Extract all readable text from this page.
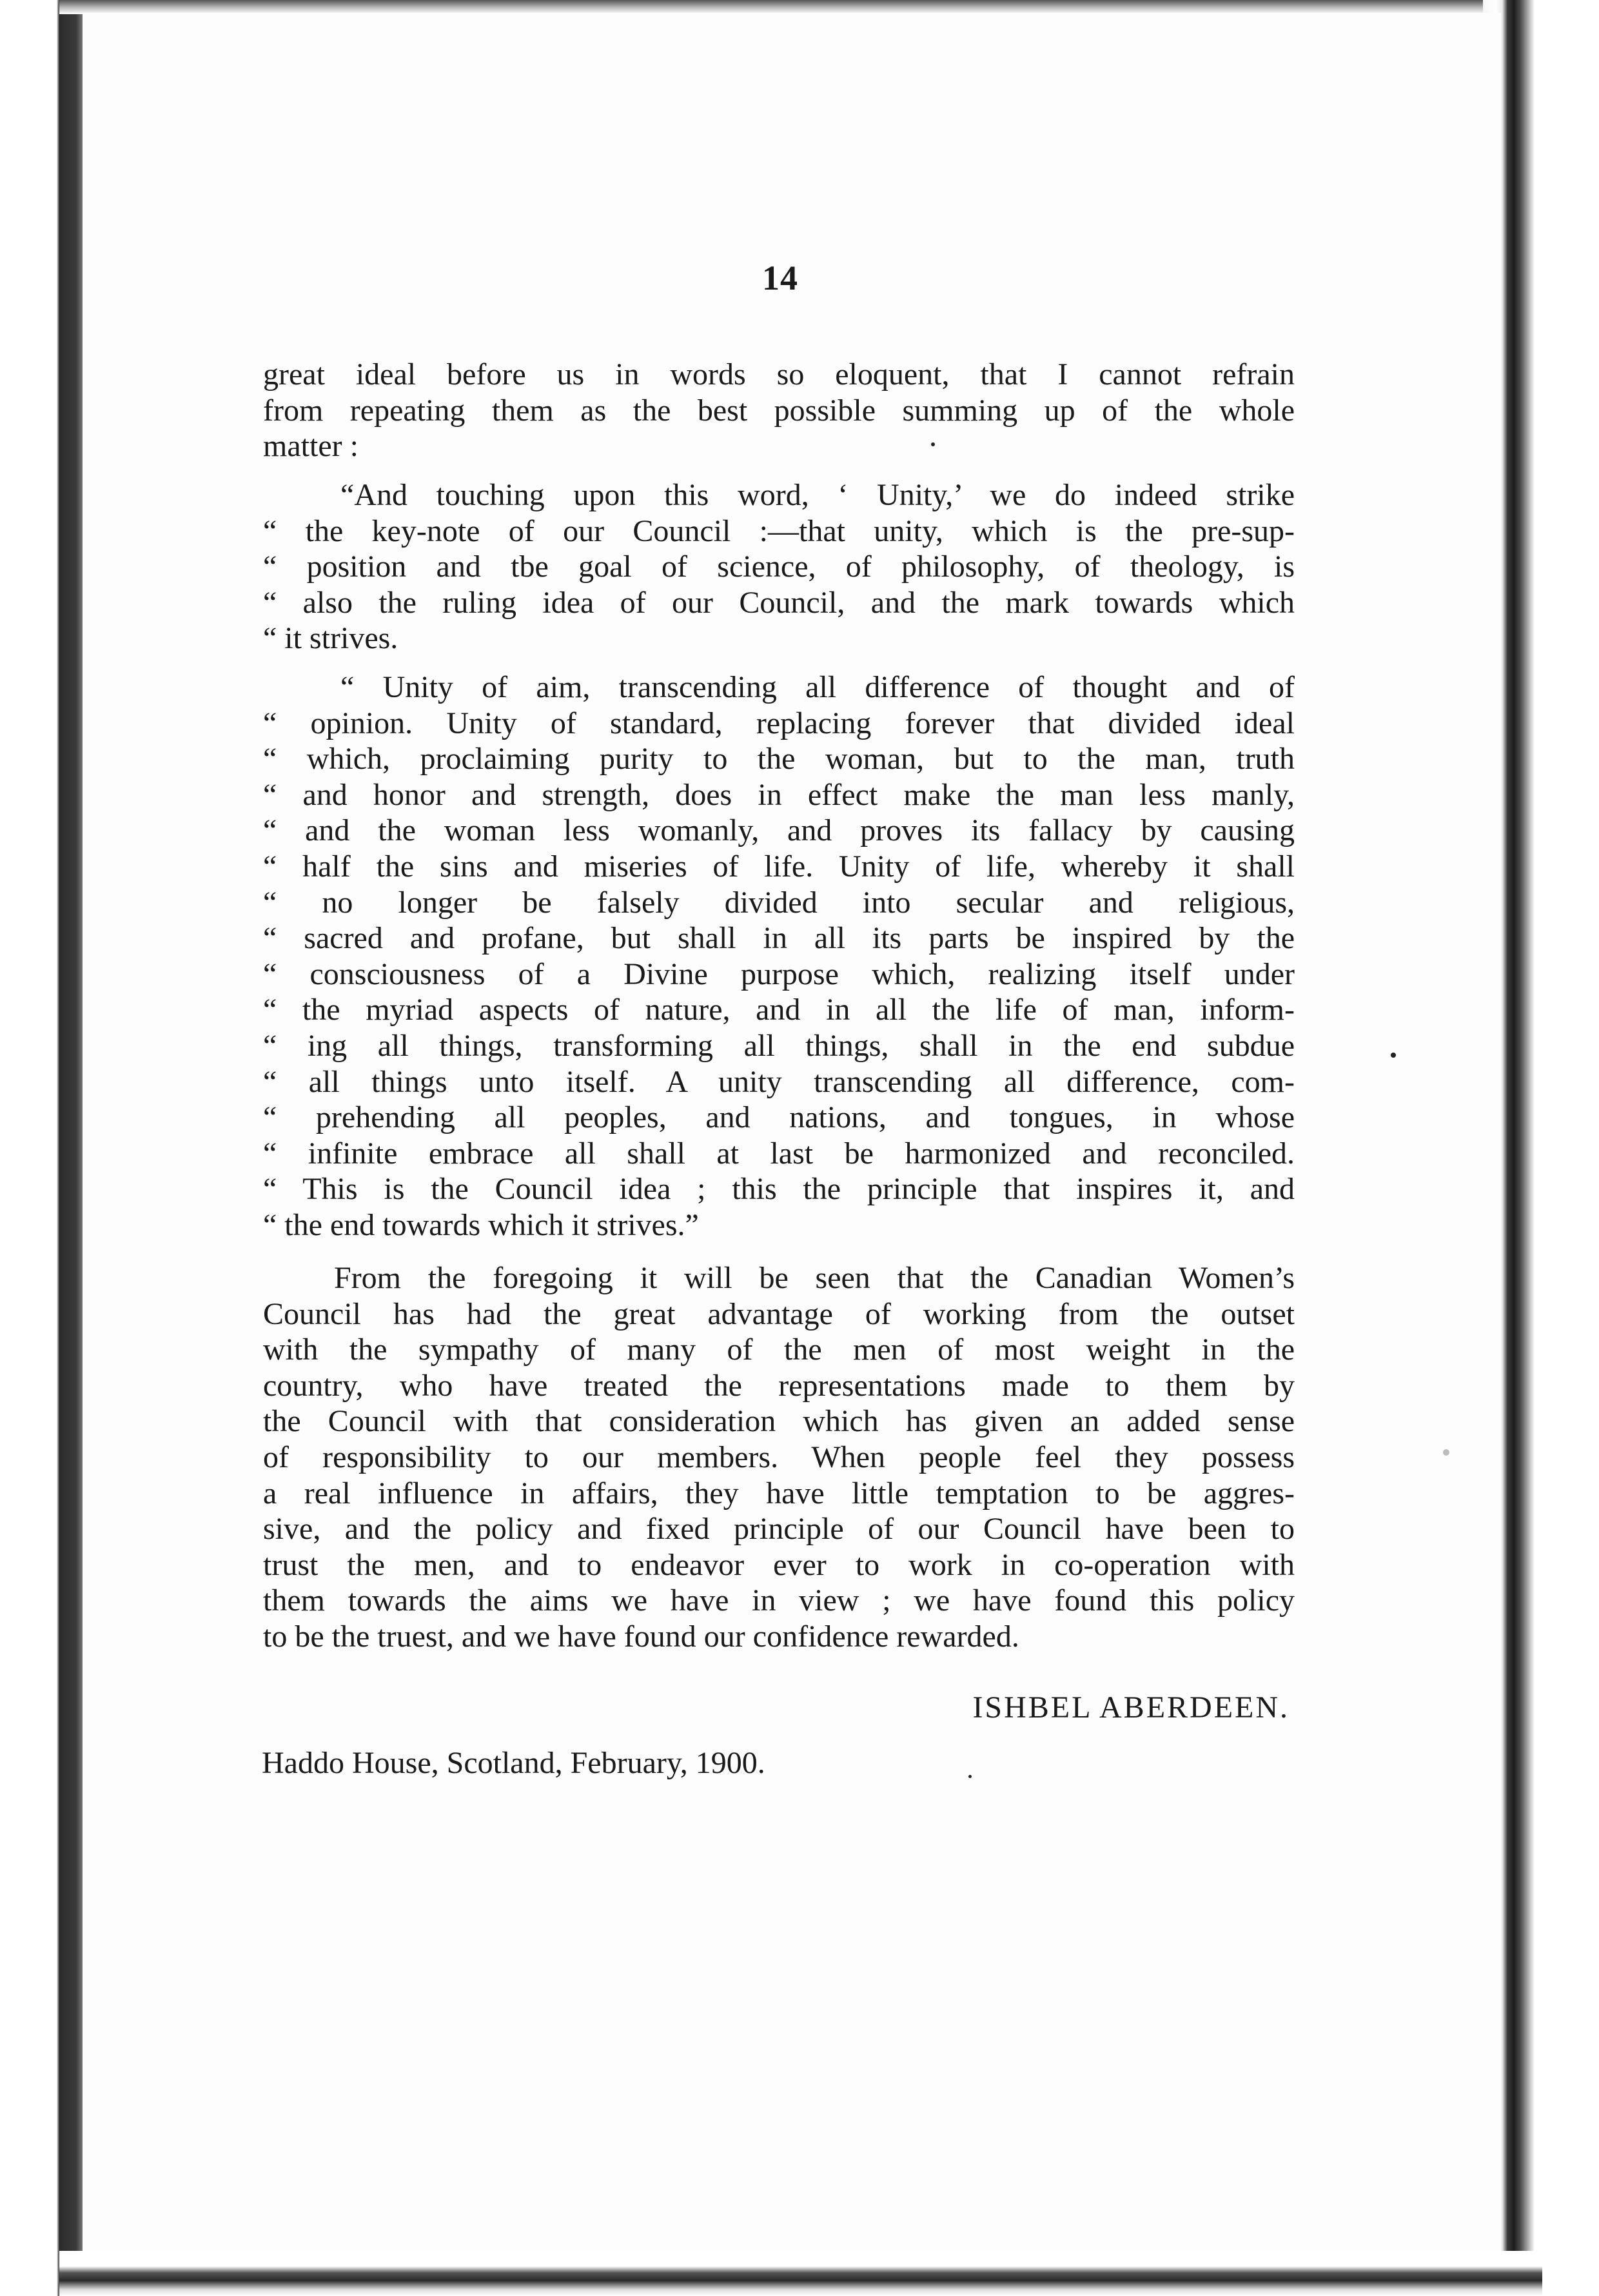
14
great ideal before us in words so eloquent, that I cannot refrain
from repeating them as the best possible summing up of the whole
matter :
“And touching upon this word, ‘ Unity,’ we do indeed strike
“ the key-note of our Council :—that unity, which is the pre-sup-
“ position and tbe goal of science, of philosophy, of theology, is
“ also the ruling idea of our Council, and the mark towards which
“ it strives.
“ Unity of aim, transcending all difference of thought and of
“ opinion. Unity of standard, replacing forever that divided ideal
“ which, proclaiming purity to the woman, but to the man, truth
“ and honor and strength, does in effect make the man less manly,
“ and the woman less womanly, and proves its fallacy by causing
“ half the sins and miseries of life. Unity of life, whereby it shall
“ no longer be falsely divided into secular and religious,
“ sacred and profane, but shall in all its parts be inspired by the
“ consciousness of a Divine purpose which, realizing itself under
“ the myriad aspects of nature, and in all the life of man, inform-
“ ing all things, transforming all things, shall in the end subdue
“ all things unto itself. A unity transcending all difference, com-
“ prehending all peoples, and nations, and tongues, in whose
“ infinite embrace all shall at last be harmonized and reconciled.
“ This is the Council idea ; this the principle that inspires it, and
“ the end towards which it strives.”
From the foregoing it will be seen that the Canadian Women’s
Council has had the great advantage of working from the outset
with the sympathy of many of the men of most weight in the
country, who have treated the representations made to them by
the Council with that consideration which has given an added sense
of responsibility to our members. When people feel they possess
a real influence in affairs, they have little temptation to be aggres-
sive, and the policy and fixed principle of our Council have been to
trust the men, and to endeavor ever to work in co-operation with
them towards the aims we have in view ; we have found this policy
to be the truest, and we have found our confidence rewarded.
ISHBEL ABERDEEN.
Haddo House, Scotland, February, 1900.
